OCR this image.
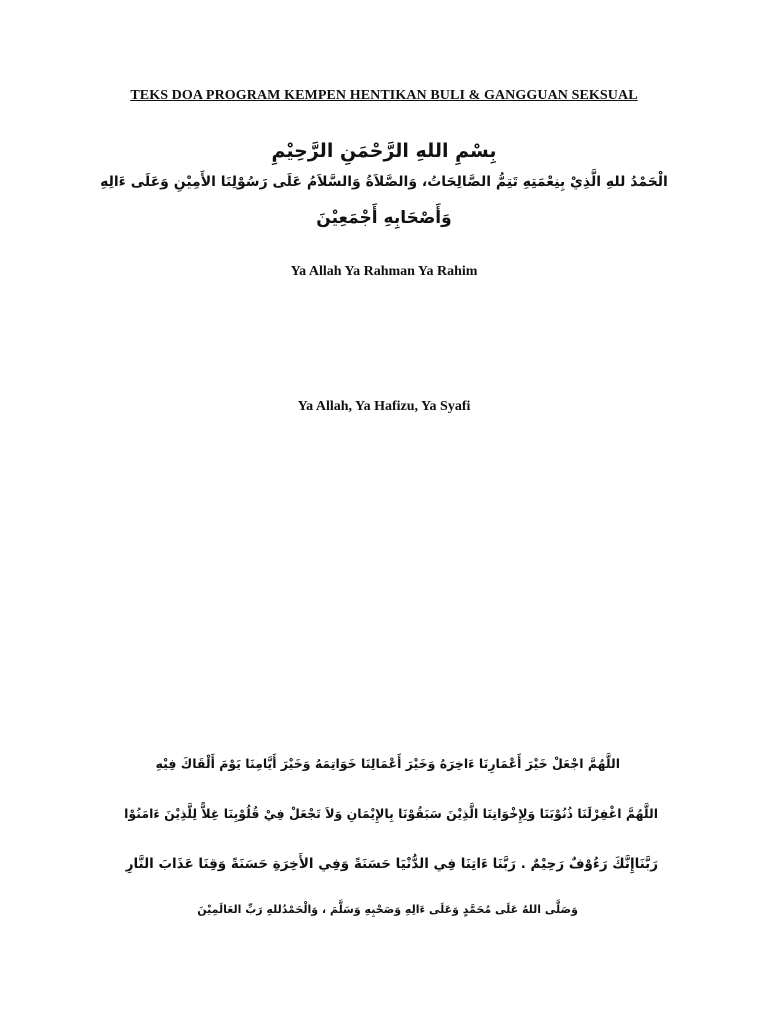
TEKS DOA PROGRAM KEMPEN HENTIKAN BULI & GANGGUAN SEKSUAL
بِسْمِ اللهِ الرَّحْمَنِ الرَّحِيْمِ
الْحَمْدُ للهِ الَّذِيْ بِنِعْمَتِهِ تَتِمُّ الصَّالِحَاتُ، وَالصَّلاَةُ وَالسَّلاَمُ عَلَى رَسُوْلِنَا الأَمِيْنِ وَعَلَى ءَالِهِ
وَأَصْحَابِهِ أَجْمَعِيْنَ
Ya Allah Ya Rahman Ya Rahim
Ya Allah, Ya Hafizu, Ya Syafi
اللَّهُمَّ اجْعَلْ خَيْرَ أَعْمَارِنَا ءَاخِرَهُ وَخَيْرَ أَعْمَالِنَا خَوَاتِمَهُ وَخَيْرَ أَيَّامِنَا يَوْمَ أَلْقَاكَ فِيْهِ
اللَّهُمَّ اغْفِرْلَنَا ذُنُوْبَنَا وَلِإِخْوَانِنَا الَّذِيْنَ سَبَقُوْنَا بِالإِيْمَانِ وَلاَ تَجْعَلْ فِيْ قُلُوْبِنَا غِلاًّ لِلَّذِيْنَ ءَامَنُوْا
رَبَّنَاإِنَّكَ رَءُوْفٌ رَحِيْمٌ . رَبَّنَا ءَاتِنَا فِي الدُّنْيَا حَسَنَةً وَفِي الأَخِرَةِ حَسَنَةً وَقِنَا عَذَابَ النَّارِ
وَصَلَّى اللهُ عَلَى مُحَمَّدٍ وَعَلَى ءَالِهِ وَصَحْبِهِ وَسَلَّمَ ، وَالْحَمْدُللهِ رَبِّ العَالَمِيْنَ
